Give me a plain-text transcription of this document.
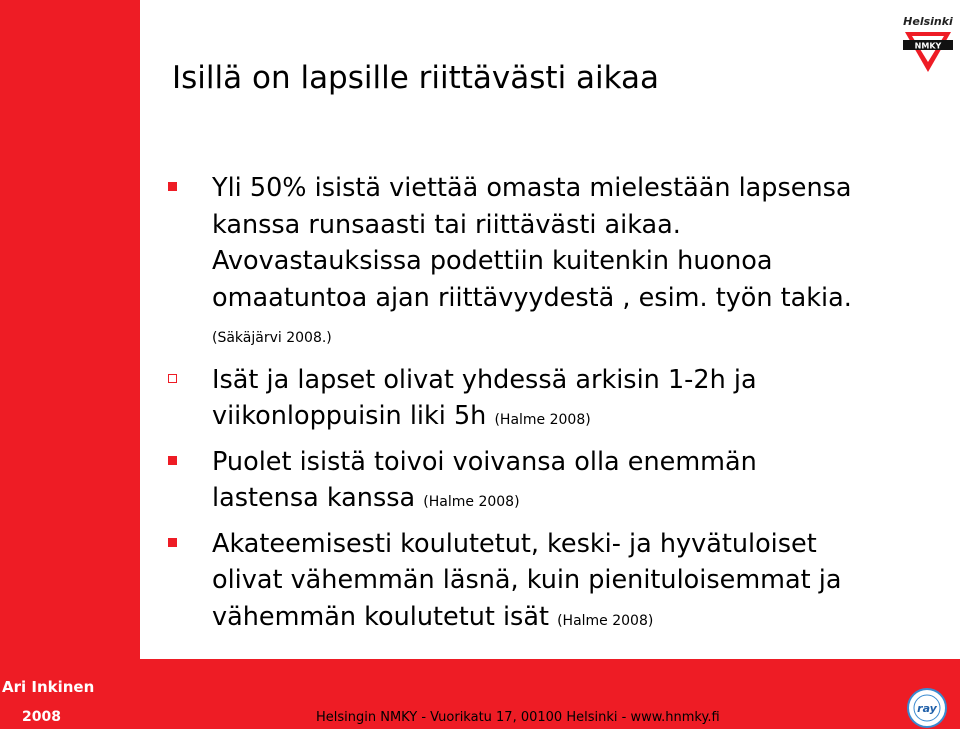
Helsinki
NMKY
Isillä on lapsille riittävästi aikaa
Yli 50% isistä viettää omasta mielestään lapsensa kanssa runsaasti tai riittävästi aikaa. Avovastauksissa podettiin kuitenkin huonoa omaatuntoa ajan riittävyydestä , esim. työn takia. (Säkäjärvi 2008.)
Isät ja lapset olivat yhdessä arkisin 1-2h ja viikonloppuisin liki 5h (Halme 2008)
Puolet isistä toivoi voivansa olla enemmän lastensa kanssa (Halme 2008)
Akateemisesti koulutetut, keski- ja hyvätuloiset olivat vähemmän läsnä, kuin pienituloisemmat ja vähemmän koulutetut isät (Halme 2008)
Ari Inkinen
2008	Helsingin NMKY - Vuorikatu 17, 00100 Helsinki - www.hnmky.fi
ray
